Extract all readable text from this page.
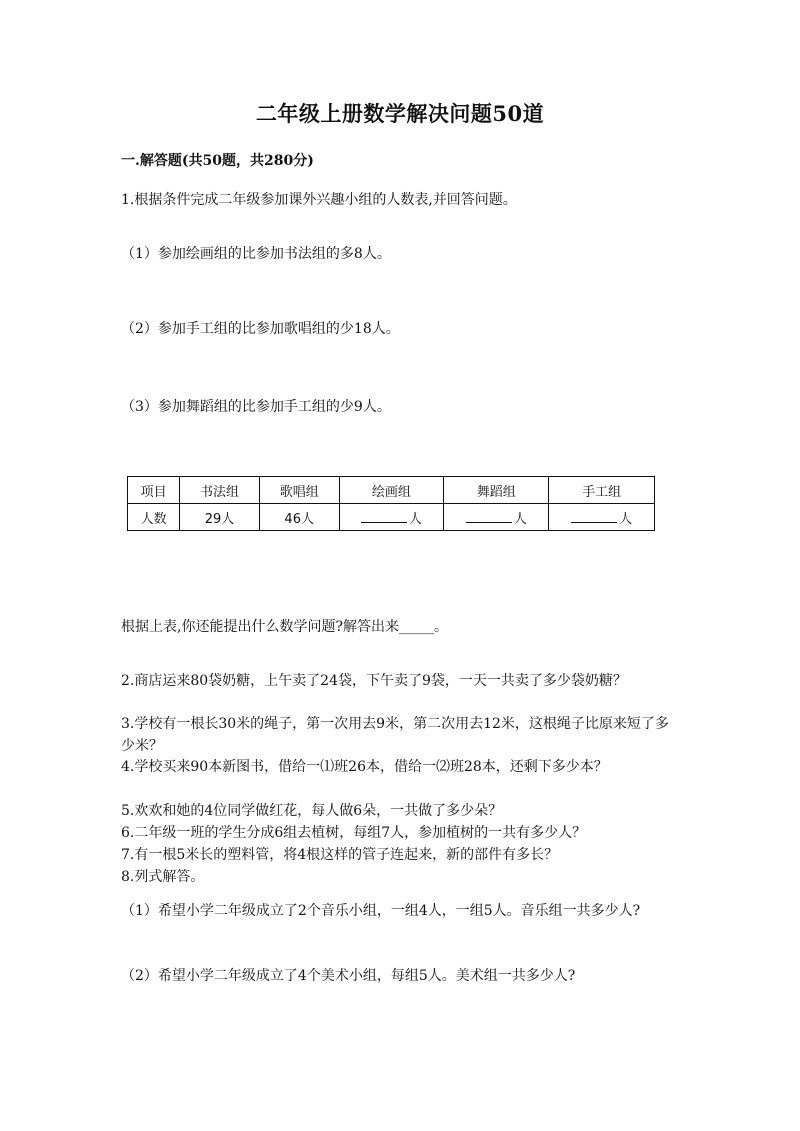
二年级上册数学解决问题50道
一.解答题(共50题，共280分)
1.根据条件完成二年级参加课外兴趣小组的人数表,并回答问题。
（1）参加绘画组的比参加书法组的多8人。
（2）参加手工组的比参加歌唱组的少18人。
（3）参加舞蹈组的比参加手工组的少9人。
项目	书法组	歌唱组	绘画组	舞蹈组	手工组
人数	29人	46人	人	人	人
根据上表,你还能提出什么数学问题?解答出来_____。
2.商店运来80袋奶糖，上午卖了24袋，下午卖了9袋，一天一共卖了多少袋奶糖？
3.学校有一根长30米的绳子，第一次用去9米，第二次用去12米，这根绳子比原来短了多少米？
4.学校买来90本新图书，借给一⑴班26本，借给一⑵班28本，还剩下多少本？
5.欢欢和她的4位同学做红花，每人做6朵，一共做了多少朵？
6.二年级一班的学生分成6组去植树，每组7人，参加植树的一共有多少人？
7.有一根5米长的塑料管，将4根这样的管子连起来，新的部件有多长？
8.列式解答。
（1）希望小学二年级成立了2个音乐小组，一组4人，一组5人。音乐组一共多少人?
（2）希望小学二年级成立了4个美术小组，每组5人。美术组一共多少人?
